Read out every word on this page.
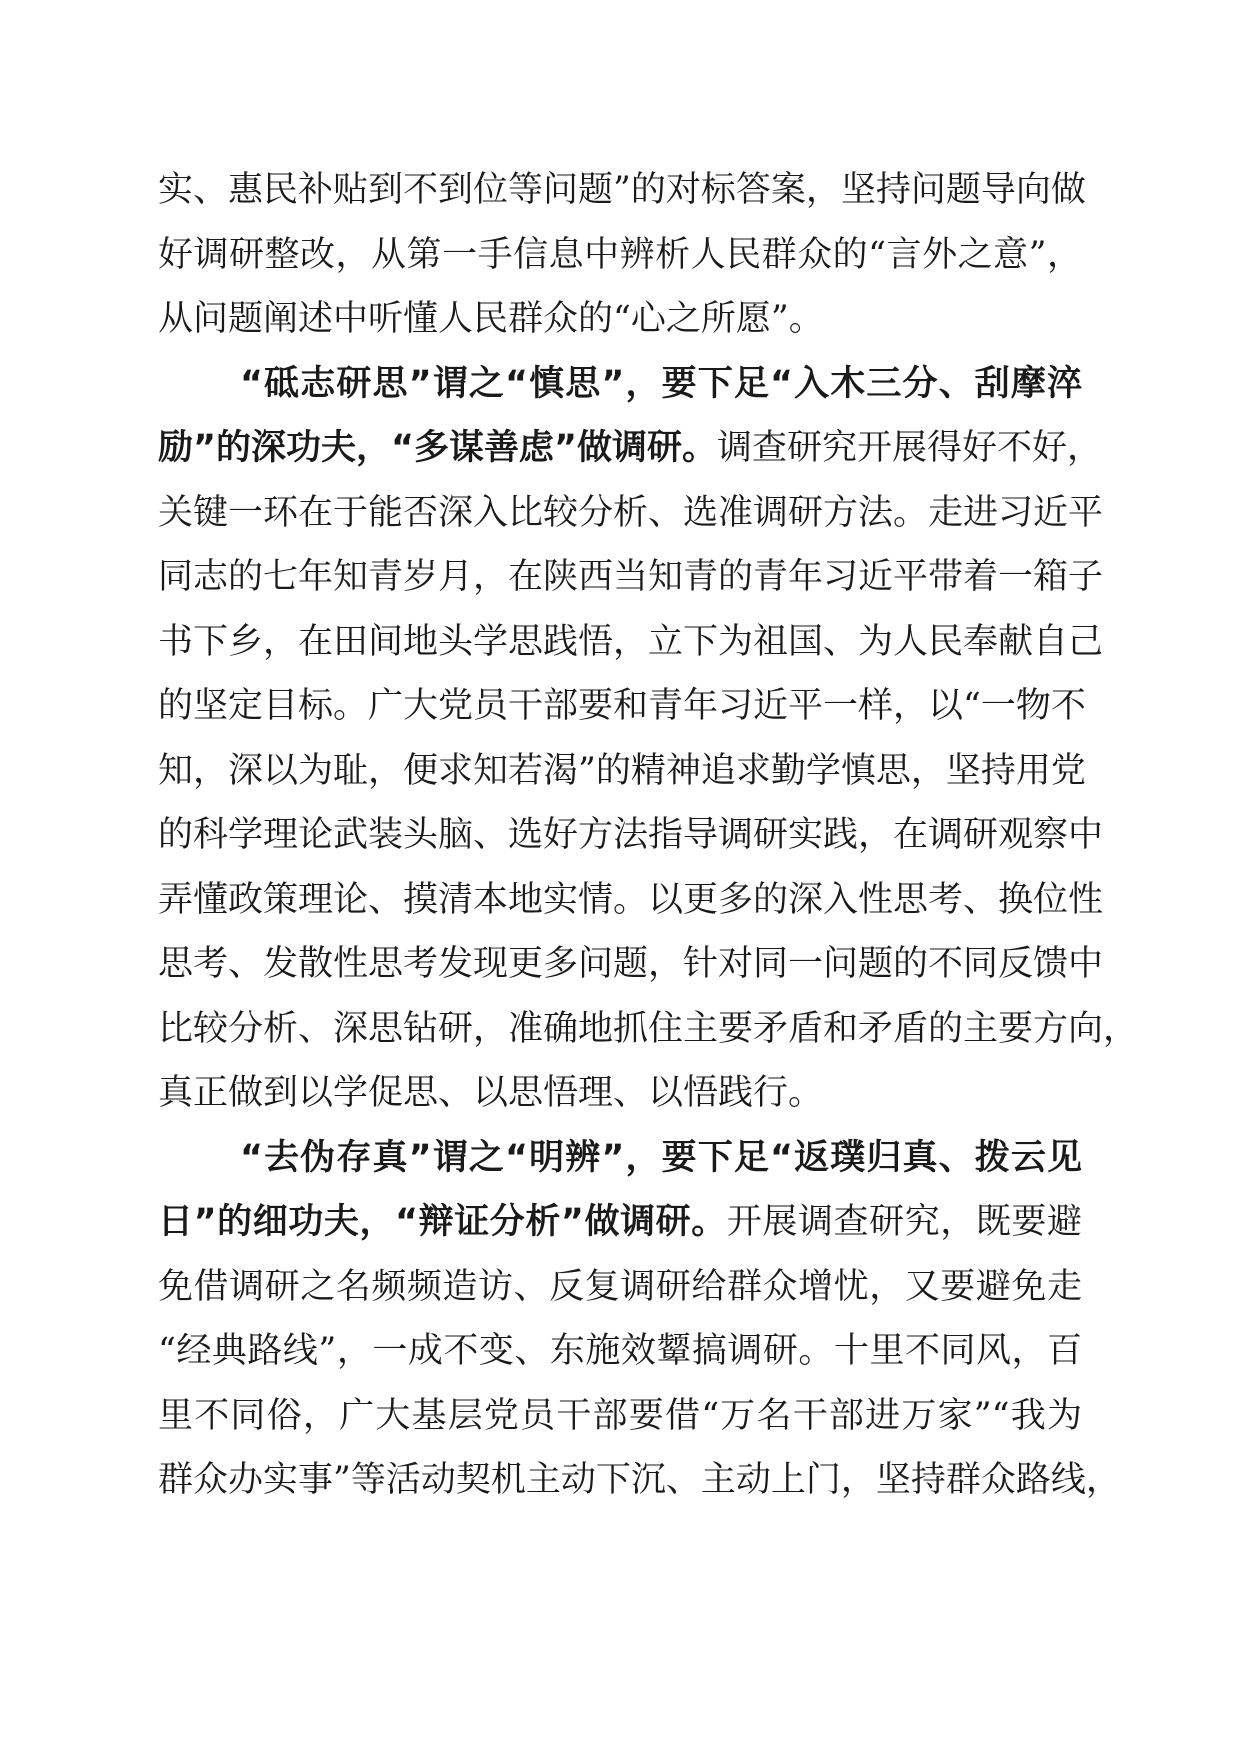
实、惠民补贴到不到位等问题”的对标答案，坚持问题导向做
好调研整改，从第一手信息中辨析人民群众的“言外之意”，
从问题阐述中听懂人民群众的“心之所愿”。
“砥志研思”谓之“慎思”，要下足“入木三分、刮摩淬
励”的深功夫，“多谋善虑”做调研。调查研究开展得好不好，
关键一环在于能否深入比较分析、选准调研方法。走进习近平
同志的七年知青岁月，在陕西当知青的青年习近平带着一箱子
书下乡，在田间地头学思践悟，立下为祖国、为人民奉献自己
的坚定目标。广大党员干部要和青年习近平一样，以“一物不
知，深以为耻，便求知若渴”的精神追求勤学慎思，坚持用党
的科学理论武装头脑、选好方法指导调研实践，在调研观察中
弄懂政策理论、摸清本地实情。以更多的深入性思考、换位性
思考、发散性思考发现更多问题，针对同一问题的不同反馈中
比较分析、深思钻研，准确地抓住主要矛盾和矛盾的主要方向，
真正做到以学促思、以思悟理、以悟践行。
“去伪存真”谓之“明辨”，要下足“返璞归真、拨云见
日”的细功夫，“辩证分析”做调研。开展调查研究，既要避
免借调研之名频频造访、反复调研给群众增忧，又要避免走
“经典路线”，一成不变、东施效颦搞调研。十里不同风，百
里不同俗，广大基层党员干部要借“万名干部进万家”“我为
群众办实事”等活动契机主动下沉、主动上门，坚持群众路线，
